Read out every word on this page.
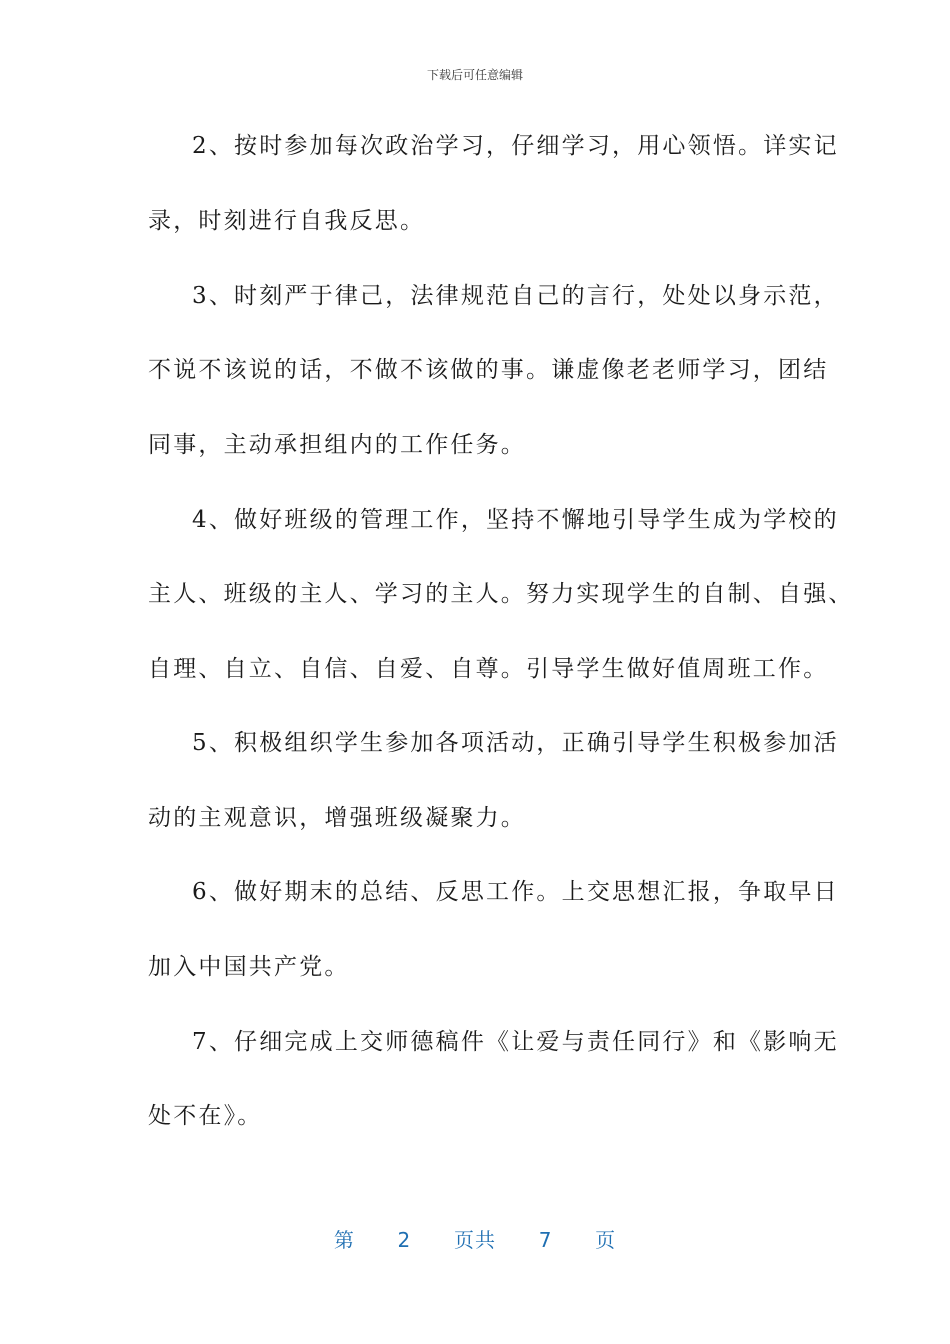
下载后可任意编辑
2、按时参加每次政治学习，仔细学习，用心领悟。详实记
录，时刻进行自我反思。
3、时刻严于律己，法律规范自己的言行，处处以身示范，
不说不该说的话，不做不该做的事。谦虚像老老师学习，团结
同事，主动承担组内的工作任务。
4、做好班级的管理工作，坚持不懈地引导学生成为学校的
主人、班级的主人、学习的主人。努力实现学生的自制、自强、
自理、自立、自信、自爱、自尊。引导学生做好值周班工作。
5、积极组织学生参加各项活动，正确引导学生积极参加活
动的主观意识，增强班级凝聚力。
6、做好期末的总结、反思工作。上交思想汇报，争取早日
加入中国共产党。
7、仔细完成上交师德稿件《让爱与责任同行》和《影响无
处不在》。
第 2 页共 7 页
